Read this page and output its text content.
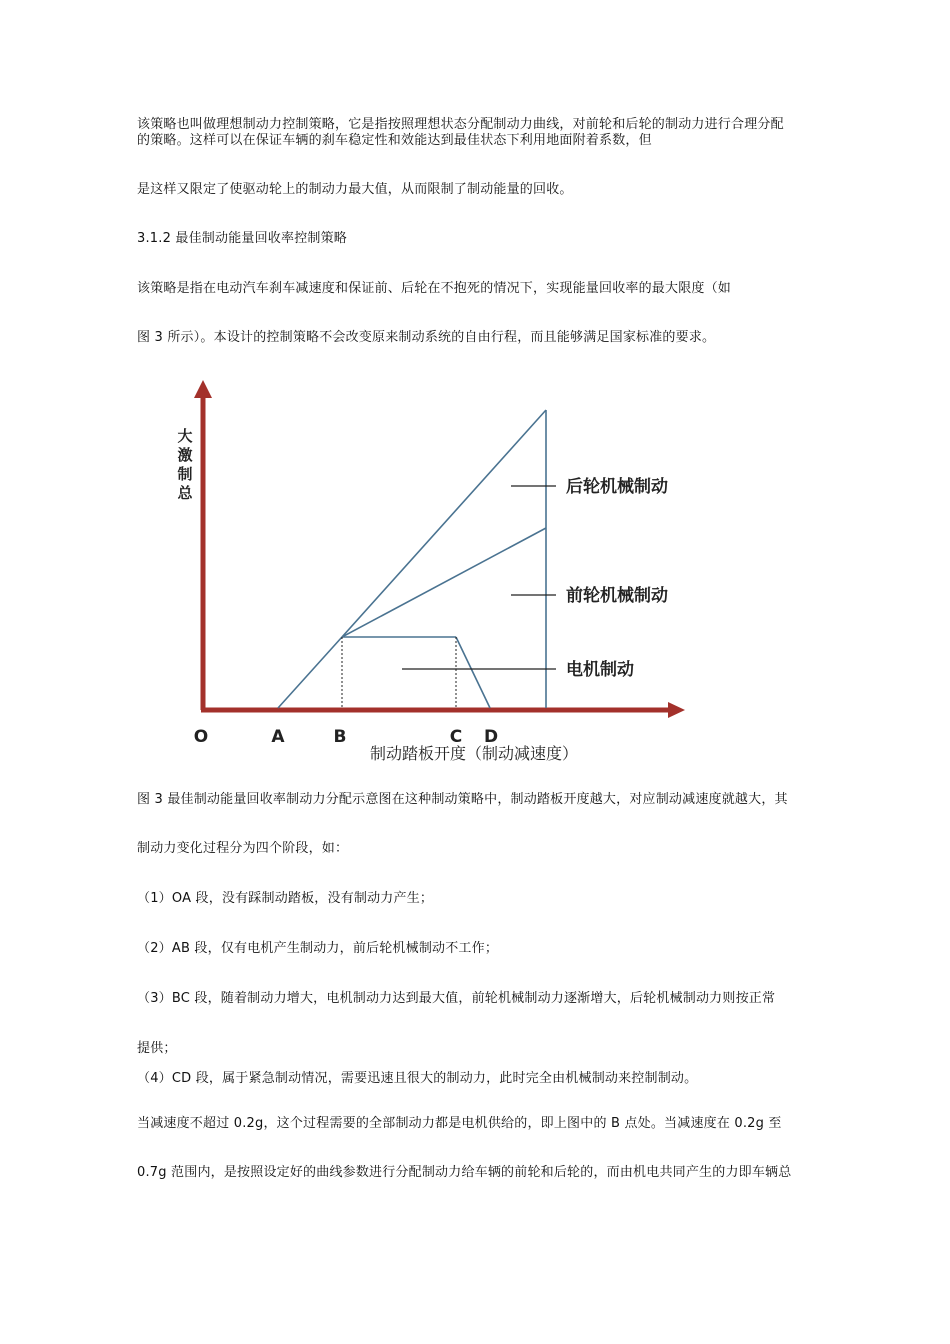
该策略也叫做理想制动力控制策略，它是指按照理想状态分配制动力曲线，对前轮和后轮的制动力进行合理分配
的策略。这样可以在保证车辆的刹车稳定性和效能达到最佳状态下利用地面附着系数，但
是这样又限定了使驱动轮上的制动力最大值，从而限制了制动能量的回收。
3.1.2 最佳制动能量回收率控制策略
该策略是指在电动汽车刹车减速度和保证前、后轮在不抱死的情况下，实现能量回收率的最大限度（如
图 3 所示）。本设计的控制策略不会改变原来制动系统的自由行程，而且能够满足国家标准的要求。
后轮机械制动
前轮机械制动
电机制动
大
激
制
总
O	A	B	C D
制动踏板开度（制动减速度）
图 3 最佳制动能量回收率制动力分配示意图在这种制动策略中，制动踏板开度越大，对应制动减速度就越大，其
制动力变化过程分为四个阶段，如：
（1）OA 段，没有踩制动踏板，没有制动力产生；
（2）AB 段，仅有电机产生制动力，前后轮机械制动不工作；
（3）BC 段，随着制动力增大，电机制动力达到最大值，前轮机械制动力逐渐增大，后轮机械制动力则按正常
提供；
（4）CD 段，属于紧急制动情况，需要迅速且很大的制动力，此时完全由机械制动来控制制动。
当减速度不超过 0.2g，这个过程需要的全部制动力都是电机供给的，即上图中的 B 点处。当减速度在 0.2g 至
0.7g 范围内，是按照设定好的曲线参数进行分配制动力给车辆的前轮和后轮的，而由机电共同产生的力即车辆总
